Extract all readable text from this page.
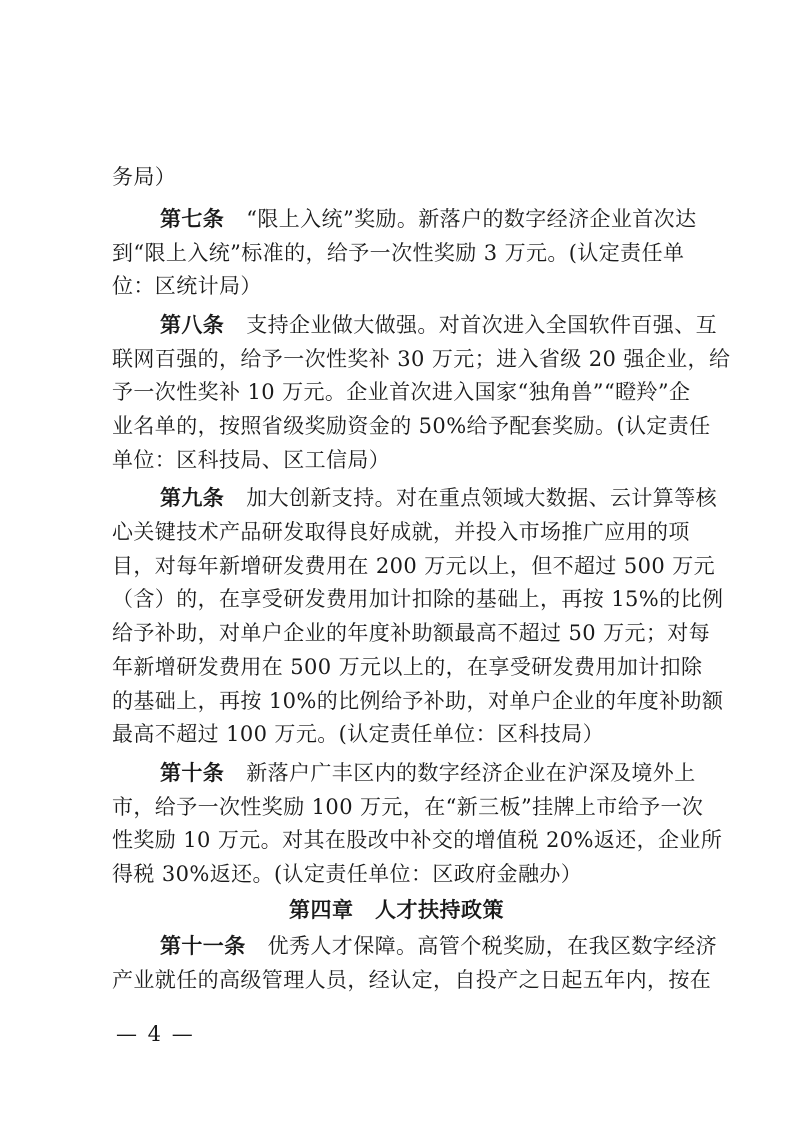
务局）
第七条 “限上入统”奖励。新落户的数字经济企业首次达
到“限上入统”标准的，给予一次性奖励 3 万元。(认定责任单
位：区统计局）
第八条 支持企业做大做强。对首次进入全国软件百强、互
联网百强的，给予一次性奖补 30 万元；进入省级 20 强企业，给
予一次性奖补 10 万元。企业首次进入国家“独角兽”“瞪羚”企
业名单的，按照省级奖励资金的 50%给予配套奖励。(认定责任
单位：区科技局、区工信局）
第九条 加大创新支持。对在重点领域大数据、云计算等核
心关键技术产品研发取得良好成就，并投入市场推广应用的项
目，对每年新增研发费用在 200 万元以上，但不超过 500 万元
（含）的，在享受研发费用加计扣除的基础上，再按 15%的比例
给予补助，对单户企业的年度补助额最高不超过 50 万元；对每
年新增研发费用在 500 万元以上的，在享受研发费用加计扣除
的基础上，再按 10%的比例给予补助，对单户企业的年度补助额
最高不超过 100 万元。(认定责任单位：区科技局）
第十条 新落户广丰区内的数字经济企业在沪深及境外上
市，给予一次性奖励 100 万元，在“新三板”挂牌上市给予一次
性奖励 10 万元。对其在股改中补交的增值税 20%返还，企业所
得税 30%返还。(认定责任单位：区政府金融办）
第四章　人才扶持政策
第十一条 优秀人才保障。高管个税奖励，在我区数字经济
产业就任的高级管理人员，经认定，自投产之日起五年内，按在
— 4 —
